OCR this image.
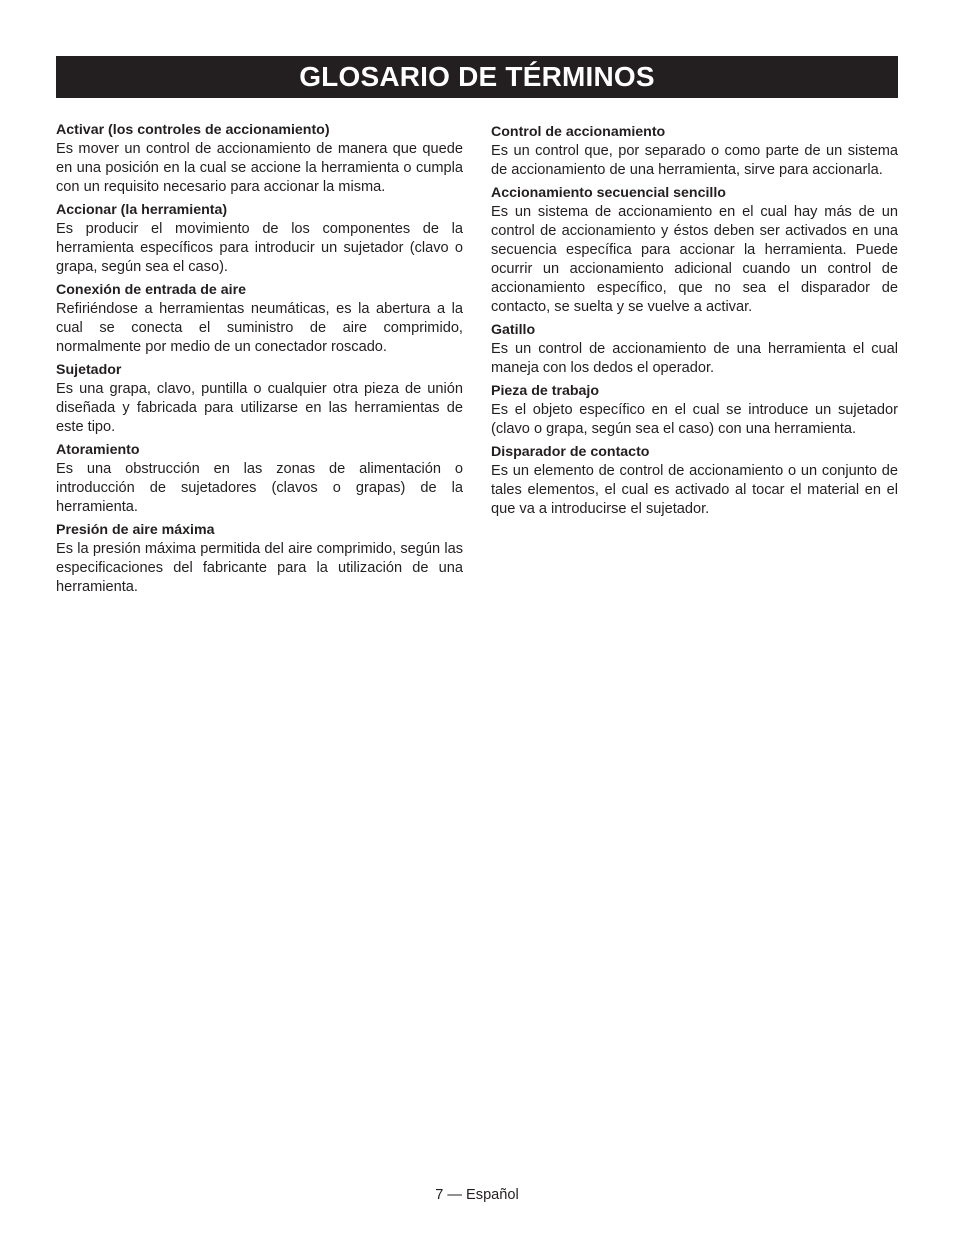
GLOSARIO DE TÉRMINOS

Activar (los controles de accionamiento)

Es mover un control de accionamiento de manera que quede en una posición en la cual se accione la herramienta o cumpla con un requisito necesario para accionar la misma.

Accionar (la herramienta)

Es producir el movimiento de los componentes de la herramienta específicos para introducir un sujetador (clavo o grapa, según sea el caso).

Conexión de entrada de aire

Refiriéndose a herramientas neumáticas, es la abertura a la cual se conecta el suministro de aire comprimido, normalmente por medio de un conectador roscado.

Sujetador

Es una grapa, clavo, puntilla o cualquier otra pieza de unión diseñada y fabricada para utilizarse en las herramientas de este tipo.

Atoramiento

Es una obstrucción en las zonas de alimentación o introducción de sujetadores (clavos o grapas) de la herramienta.

Presión de aire máxima

Es la presión máxima permitida del aire comprimido, según las especificaciones del fabricante para la utilización de una herramienta.

Control de accionamiento

Es un control que, por separado o como parte de un sistema de accionamiento de una herramienta, sirve para accionarla.

Accionamiento secuencial sencillo

Es un sistema de accionamiento en el cual hay más de un control de accionamiento y éstos deben ser activados en una secuencia específica para accionar la herramienta. Puede ocurrir un accionamiento adicional cuando un control de accionamiento específico, que no sea el disparador de contacto, se suelta y se vuelve a activar.

Gatillo

Es un control de accionamiento de una herramienta el cual maneja con los dedos el operador.

Pieza de trabajo

Es el objeto específico en el cual se introduce un sujetador (clavo o grapa, según sea el caso) con una herramienta.

Disparador de contacto

Es un elemento de control de accionamiento o un conjunto de tales elementos, el cual es activado al tocar el material en el que va a introducirse el sujetador.

7 — Español
